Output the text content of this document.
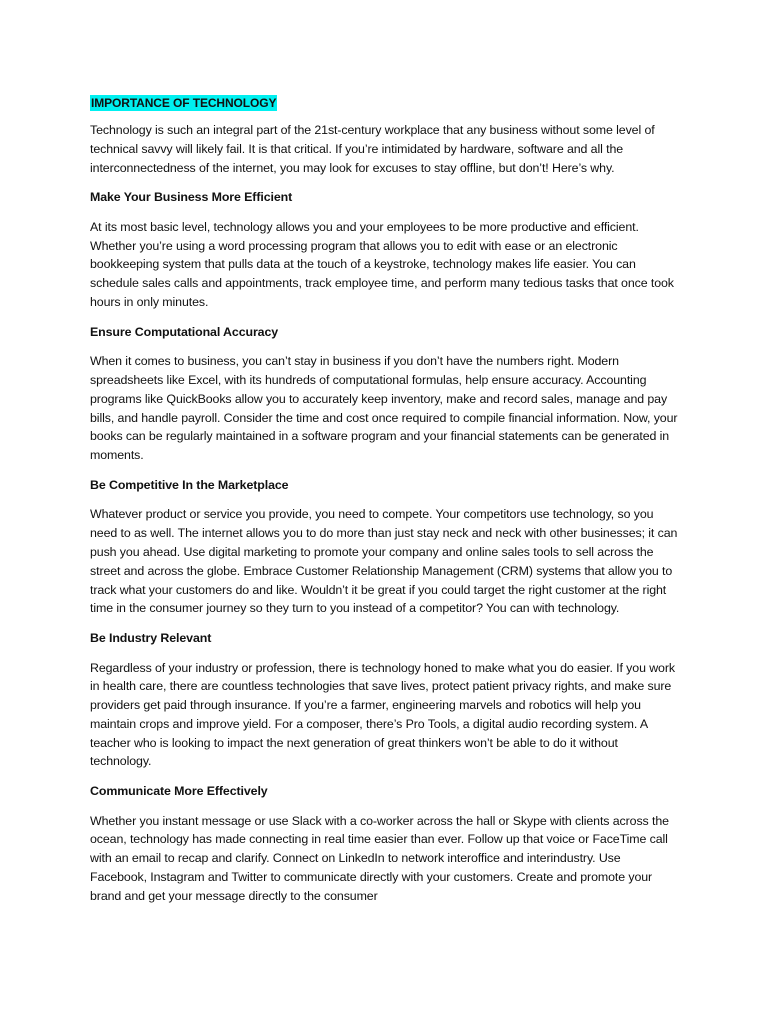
IMPORTANCE OF TECHNOLOGY

Technology is such an integral part of the 21st-century workplace that any business without some level of technical savvy will likely fail. It is that critical. If you’re intimidated by hardware, software and all the interconnectedness of the internet, you may look for excuses to stay offline, but don’t! Here’s why.

Make Your Business More Efficient

At its most basic level, technology allows you and your employees to be more productive and efficient. Whether you’re using a word processing program that allows you to edit with ease or an electronic bookkeeping system that pulls data at the touch of a keystroke, technology makes life easier. You can schedule sales calls and appointments, track employee time, and perform many tedious tasks that once took hours in only minutes.

Ensure Computational Accuracy

When it comes to business, you can’t stay in business if you don’t have the numbers right. Modern spreadsheets like Excel, with its hundreds of computational formulas, help ensure accuracy. Accounting programs like QuickBooks allow you to accurately keep inventory, make and record sales, manage and pay bills, and handle payroll. Consider the time and cost once required to compile financial information. Now, your books can be regularly maintained in a software program and your financial statements can be generated in moments.

Be Competitive In the Marketplace

Whatever product or service you provide, you need to compete. Your competitors use technology, so you need to as well. The internet allows you to do more than just stay neck and neck with other businesses; it can push you ahead. Use digital marketing to promote your company and online sales tools to sell across the street and across the globe. Embrace Customer Relationship Management (CRM) systems that allow you to track what your customers do and like. Wouldn’t it be great if you could target the right customer at the right time in the consumer journey so they turn to you instead of a competitor? You can with technology.

Be Industry Relevant

Regardless of your industry or profession, there is technology honed to make what you do easier. If you work in health care, there are countless technologies that save lives, protect patient privacy rights, and make sure providers get paid through insurance. If you’re a farmer, engineering marvels and robotics will help you maintain crops and improve yield. For a composer, there’s Pro Tools, a digital audio recording system. A teacher who is looking to impact the next generation of great thinkers won’t be able to do it without technology.

Communicate More Effectively

Whether you instant message or use Slack with a co-worker across the hall or Skype with clients across the ocean, technology has made connecting in real time easier than ever. Follow up that voice or FaceTime call with an email to recap and clarify. Connect on LinkedIn to network interoffice and interindustry. Use Facebook, Instagram and Twitter to communicate directly with your customers. Create and promote your brand and get your message directly to the consumer
